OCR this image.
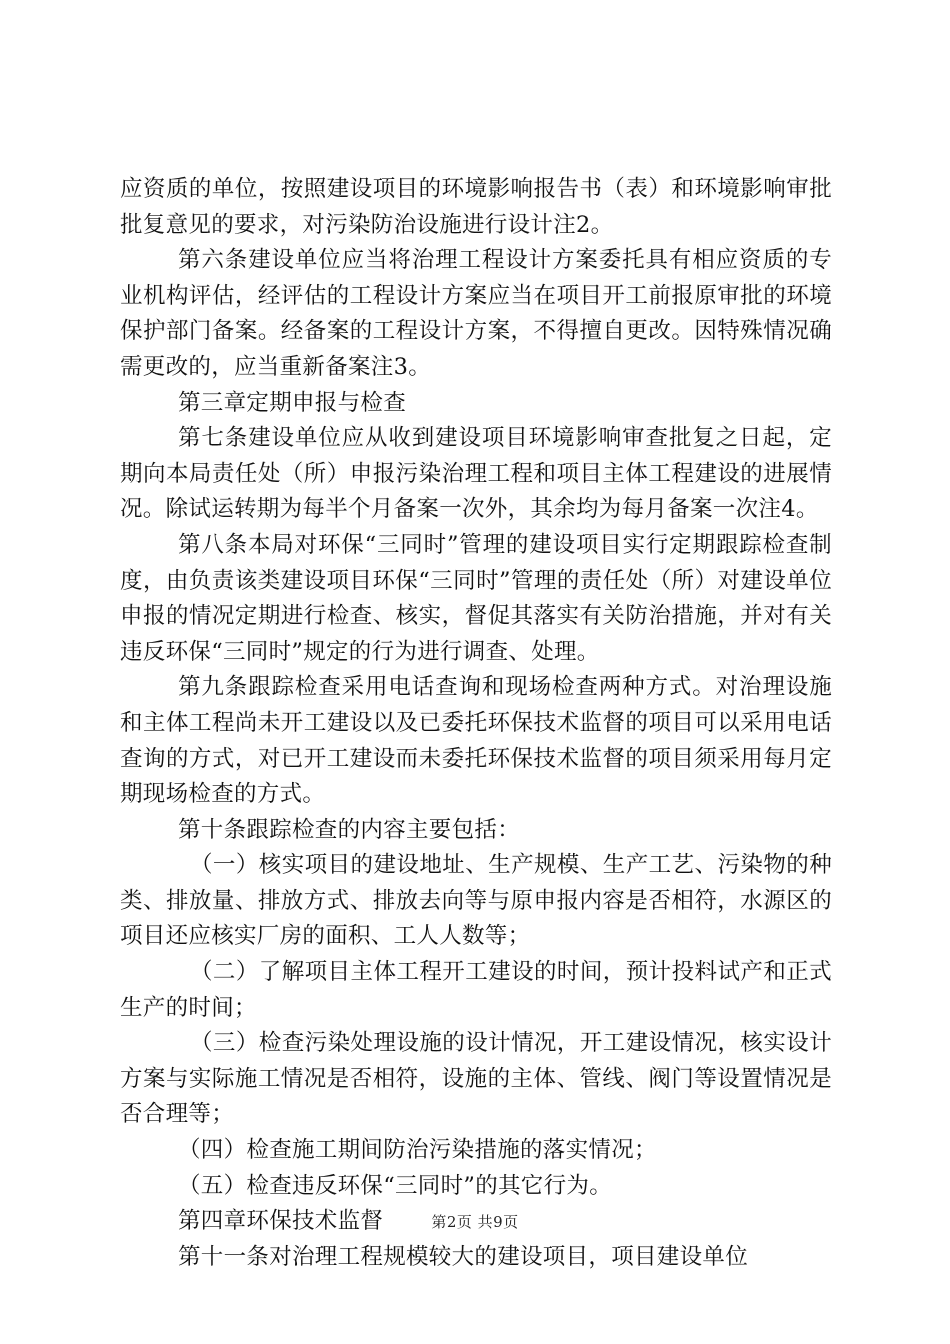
应资质的单位，按照建设项目的环境影响报告书（表）和环境影响审批批复意见的要求，对污染防治设施进行设计注2。

第六条建设单位应当将治理工程设计方案委托具有相应资质的专业机构评估，经评估的工程设计方案应当在项目开工前报原审批的环境保护部门备案。经备案的工程设计方案，不得擅自更改。因特殊情况确需更改的，应当重新备案注3。

第三章定期申报与检查

第七条建设单位应从收到建设项目环境影响审查批复之日起，定期向本局责任处（所）申报污染治理工程和项目主体工程建设的进展情况。除试运转期为每半个月备案一次外，其余均为每月备案一次注4。

第八条本局对环保“三同时”管理的建设项目实行定期跟踪检查制度，由负责该类建设项目环保“三同时”管理的责任处（所）对建设单位申报的情况定期进行检查、核实，督促其落实有关防治措施，并对有关违反环保“三同时”规定的行为进行调查、处理。

第九条跟踪检查采用电话查询和现场检查两种方式。对治理设施和主体工程尚未开工建设以及已委托环保技术监督的项目可以采用电话查询的方式，对已开工建设而未委托环保技术监督的项目须采用每月定期现场检查的方式。

第十条跟踪检查的内容主要包括：

（一）核实项目的建设地址、生产规模、生产工艺、污染物的种类、排放量、排放方式、排放去向等与原申报内容是否相符，水源区的项目还应核实厂房的面积、工人人数等；

（二）了解项目主体工程开工建设的时间，预计投料试产和正式生产的时间；

（三）检查污染处理设施的设计情况，开工建设情况，核实设计方案与实际施工情况是否相符，设施的主体、管线、阀门等设置情况是否合理等；

（四）检查施工期间防治污染措施的落实情况；

（五）检查违反环保“三同时”的其它行为。

第四章环保技术监督

第十一条对治理工程规模较大的建设项目，项目建设单位

第2页 共9页
